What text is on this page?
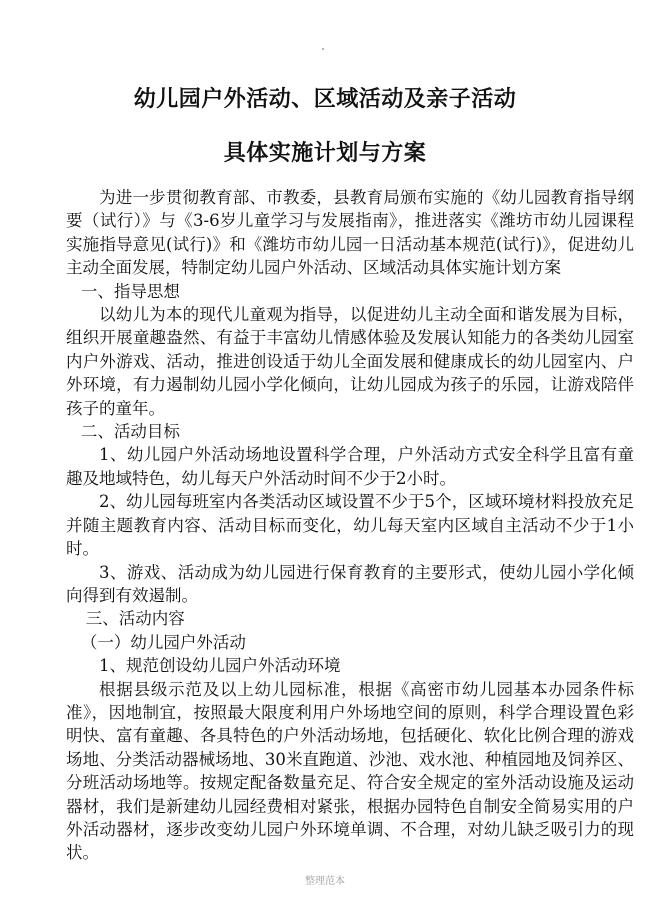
幼儿园户外活动、区域活动及亲子活动
具体实施计划与方案

为进一步贯彻教育部、市教委，县教育局颁布实施的《幼儿园教育指导纲要（试行）》与《3-6岁儿童学习与发展指南》，推进落实《潍坊市幼儿园课程实施指导意见(试行)》和《潍坊市幼儿园一日活动基本规范(试行)》，促进幼儿主动全面发展，特制定幼儿园户外活动、区域活动具体实施计划方案

一、指导思想

以幼儿为本的现代儿童观为指导，以促进幼儿主动全面和谐发展为目标，组织开展童趣盎然、有益于丰富幼儿情感体验及发展认知能力的各类幼儿园室内户外游戏、活动，推进创设适于幼儿全面发展和健康成长的幼儿园室内、户外环境，有力遏制幼儿园小学化倾向，让幼儿园成为孩子的乐园，让游戏陪伴孩子的童年。

二、活动目标

1、幼儿园户外活动场地设置科学合理，户外活动方式安全科学且富有童趣及地域特色，幼儿每天户外活动时间不少于2小时。

2、幼儿园每班室内各类活动区域设置不少于5个，区域环境材料投放充足并随主题教育内容、活动目标而变化，幼儿每天室内区域自主活动不少于1小时。

3、游戏、活动成为幼儿园进行保育教育的主要形式，使幼儿园小学化倾向得到有效遏制。

三、活动内容

（一）幼儿园户外活动

1、规范创设幼儿园户外活动环境

根据县级示范及以上幼儿园标准，根据《高密市幼儿园基本办园条件标准》，因地制宜，按照最大限度利用户外场地空间的原则，科学合理设置色彩明快、富有童趣、各具特色的户外活动场地，包括硬化、软化比例合理的游戏场地、分类活动器械场地、30米直跑道、沙池、戏水池、种植园地及饲养区、分班活动场地等。按规定配备数量充足、符合安全规定的室外活动设施及运动器材，我们是新建幼儿园经费相对紧张，根据办园特色自制安全简易实用的户外活动器材，逐步改变幼儿园户外环境单调、不合理，对幼儿缺乏吸引力的现状。

整理范本
